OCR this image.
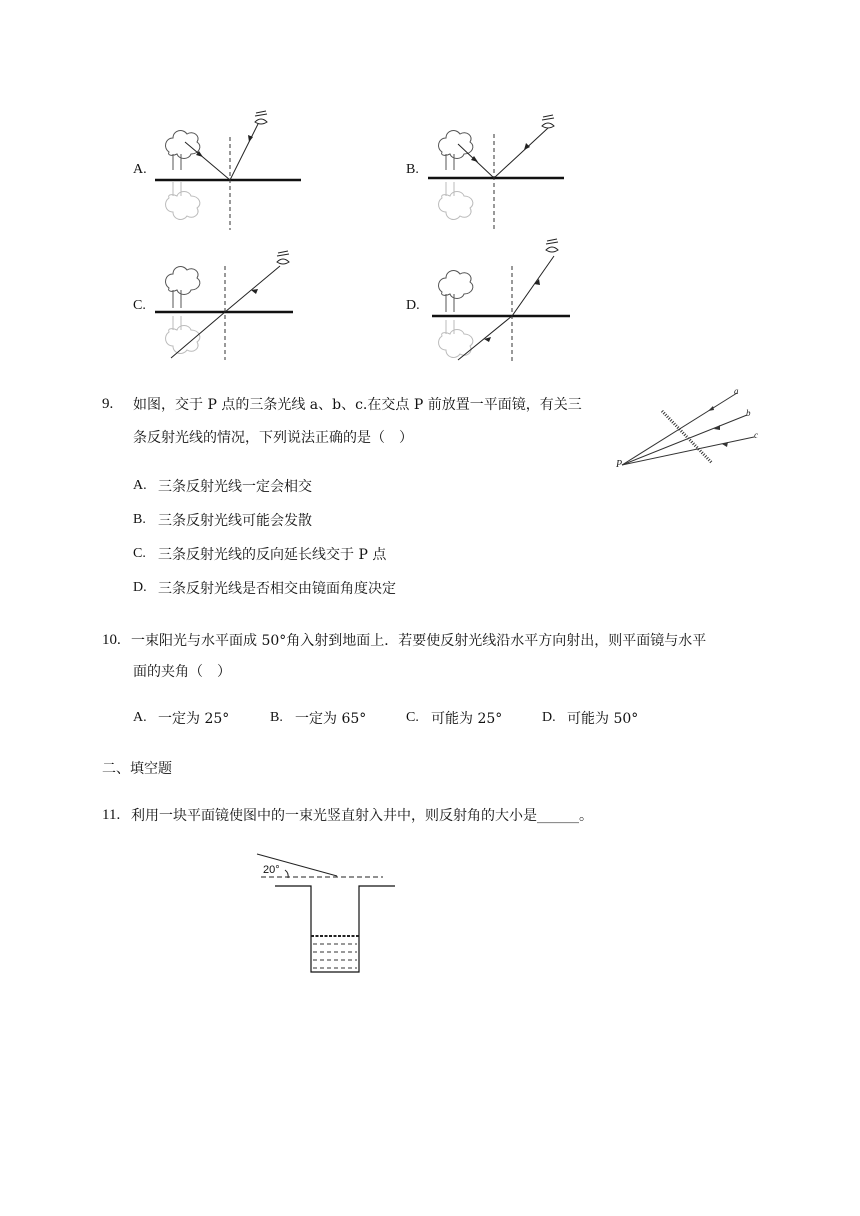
A.	B.
C.	D.
9. 如图，交于 P 点的三条光线 a、b、c.在交点 P 前放置一平面镜，有关三
条反射光线的情况，下列说法正确的是（　）
a
b
c
P
A. 三条反射光线一定会相交
B. 三条反射光线可能会发散
C. 三条反射光线的反向延长线交于 P 点
D. 三条反射光线是否相交由镜面角度决定
10. 一束阳光与水平面成 50°角入射到地面上．若要使反射光线沿水平方向射出，则平面镜与水平
面的夹角（　）
A. 一定为 25°	B. 一定为 65°	C. 可能为 25°	D. 可能为 50°
二、填空题
11. 利用一块平面镜使图中的一束光竖直射入井中，则反射角的大小是______。
20°
